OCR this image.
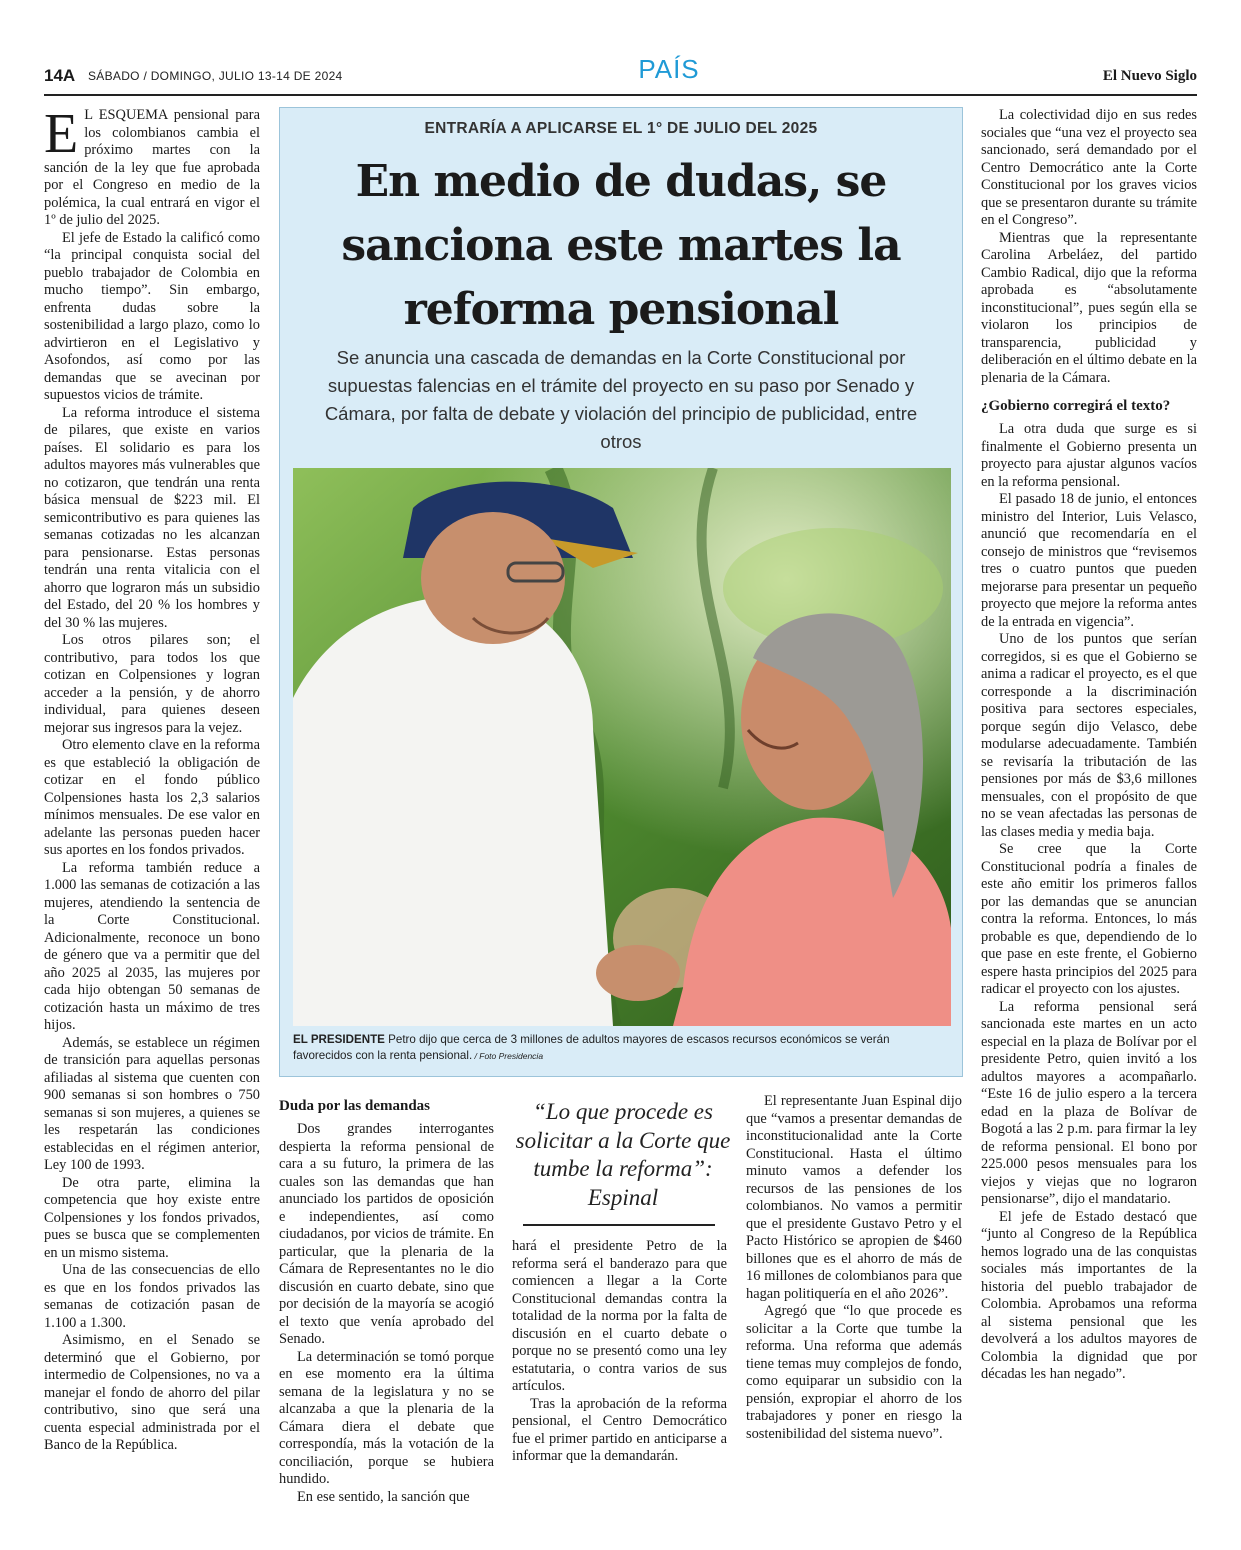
14A SÁBADO / DOMINGO, JULIO 13-14 DE 2024	PAÍS	El Nuevo Siglo

E L ESQUEMA pensional para los colombianos cambia el próximo martes con la sanción de la ley que fue aprobada por el Congreso en medio de la polémica, la cual entrará en vigor el 1º de julio del 2025.

El jefe de Estado la calificó como “la principal conquista social del pueblo trabajador de Colombia en mucho tiempo”. Sin embargo, enfrenta dudas sobre la sostenibilidad a largo plazo, como lo advirtieron en el Legislativo y Asofondos, así como por las demandas que se avecinan por supuestos vicios de trámite.

La reforma introduce el sistema de pilares, que existe en varios países. El solidario es para los adultos mayores más vulnerables que no cotizaron, que tendrán una renta básica mensual de $223 mil. El semicontributivo es para quienes las semanas cotizadas no les alcanzan para pensionarse. Estas personas tendrán una renta vitalicia con el ahorro que lograron más un subsidio del Estado, del 20 % los hombres y del 30 % las mujeres.

Los otros pilares son; el contributivo, para todos los que cotizan en Colpensiones y logran acceder a la pensión, y de ahorro individual, para quienes deseen mejorar sus ingresos para la vejez.

Otro elemento clave en la reforma es que estableció la obligación de cotizar en el fondo público Colpensiones hasta los 2,3 salarios mínimos mensuales. De ese valor en adelante las personas pueden hacer sus aportes en los fondos privados.

La reforma también reduce a 1.000 las semanas de cotización a las mujeres, atendiendo la sentencia de la Corte Constitucional. Adicionalmente, reconoce un bono de género que va a permitir que del año 2025 al 2035, las mujeres por cada hijo obtengan 50 semanas de cotización hasta un máximo de tres hijos.

Además, se establece un régimen de transición para aquellas personas afiliadas al sistema que cuenten con 900 semanas si son hombres o 750 semanas si son mujeres, a quienes se les respetarán las condiciones establecidas en el régimen anterior, Ley 100 de 1993.

De otra parte, elimina la competencia que hoy existe entre Colpensiones y los fondos privados, pues se busca que se complementen en un mismo sistema.

Una de las consecuencias de ello es que en los fondos privados las semanas de cotización pasan de 1.100 a 1.300.

Asimismo, en el Senado se determinó que el Gobierno, por intermedio de Colpensiones, no va a manejar el fondo de ahorro del pilar contributivo, sino que será una cuenta especial administrada por el Banco de la República.

ENTRARÍA A APLICARSE EL 1° DE JULIO DEL 2025
En medio de dudas, se sanciona este martes la reforma pensional
Se anuncia una cascada de demandas en la Corte Constitucional por supuestas falencias en el trámite del proyecto en su paso por Senado y Cámara, por falta de debate y violación del principio de publicidad, entre otros
EL PRESIDENTE Petro dijo que cerca de 3 millones de adultos mayores de escasos recursos económicos se verán favorecidos con la renta pensional. / Foto Presidencia
Duda por las demandas

Dos grandes interrogantes despierta la reforma pensional de cara a su futuro, la primera de las cuales son las demandas que han anunciado los partidos de oposición e independientes, así como ciudadanos, por vicios de trámite. En particular, que la plenaria de la Cámara de Representantes no le dio discusión en cuarto debate, sino que por decisión de la mayoría se acogió el texto que venía aprobado del Senado.

La determinación se tomó porque en ese momento era la última semana de la legislatura y no se alcanzaba a que la plenaria de la Cámara diera el debate que correspondía, más la votación de la conciliación, porque se hubiera hundido.

En ese sentido, la sanción que

“Lo que procede es solicitar a la Corte que tumbe la reforma”: Espinal

hará el presidente Petro de la reforma será el banderazo para que comiencen a llegar a la Corte Constitucional demandas contra la totalidad de la norma por la falta de discusión en el cuarto debate o porque no se presentó como una ley estatutaria, o contra varios de sus artículos.

Tras la aprobación de la reforma pensional, el Centro Democrático fue el primer partido en anticiparse a informar que la demandarán.

El representante Juan Espinal dijo que “vamos a presentar demandas de inconstitucionalidad ante la Corte Constitucional. Hasta el último minuto vamos a defender los recursos de las pensiones de los colombianos. No vamos a permitir que el presidente Gustavo Petro y el Pacto Histórico se apropien de $460 billones que es el ahorro de más de 16 millones de colombianos para que hagan politiquería en el año 2026”.

Agregó que “lo que procede es solicitar a la Corte que tumbe la reforma. Una reforma que además tiene temas muy complejos de fondo, como equiparar un subsidio con la pensión, expropiar el ahorro de los trabajadores y poner en riesgo la sostenibilidad del sistema nuevo”.

La colectividad dijo en sus redes sociales que “una vez el proyecto sea sancionado, será demandado por el Centro Democrático ante la Corte Constitucional por los graves vicios que se presentaron durante su trámite en el Congreso”.

Mientras que la representante Carolina Arbeláez, del partido Cambio Radical, dijo que la reforma aprobada es “absolutamente inconstitucional”, pues según ella se violaron los principios de transparencia, publicidad y deliberación en el último debate en la plenaria de la Cámara.

¿Gobierno corregirá el texto?

La otra duda que surge es si finalmente el Gobierno presenta un proyecto para ajustar algunos vacíos en la reforma pensional.

El pasado 18 de junio, el entonces ministro del Interior, Luis Velasco, anunció que recomendaría en el consejo de ministros que “revisemos tres o cuatro puntos que pueden mejorarse para presentar un pequeño proyecto que mejore la reforma antes de la entrada en vigencia”.

Uno de los puntos que serían corregidos, si es que el Gobierno se anima a radicar el proyecto, es el que corresponde a la discriminación positiva para sectores especiales, porque según dijo Velasco, debe modularse adecuadamente. También se revisaría la tributación de las pensiones por más de $3,6 millones mensuales, con el propósito de que no se vean afectadas las personas de las clases media y media baja.

Se cree que la Corte Constitucional podría a finales de este año emitir los primeros fallos por las demandas que se anuncian contra la reforma. Entonces, lo más probable es que, dependiendo de lo que pase en este frente, el Gobierno espere hasta principios del 2025 para radicar el proyecto con los ajustes.

La reforma pensional será sancionada este martes en un acto especial en la plaza de Bolívar por el presidente Petro, quien invitó a los adultos mayores a acompañarlo. “Este 16 de julio espero a la tercera edad en la plaza de Bolívar de Bogotá a las 2 p.m. para firmar la ley de reforma pensional. El bono por 225.000 pesos mensuales para los viejos y viejas que no lograron pensionarse”, dijo el mandatario.

El jefe de Estado destacó que “junto al Congreso de la República hemos logrado una de las conquistas sociales más importantes de la historia del pueblo trabajador de Colombia. Aprobamos una reforma al sistema pensional que les devolverá a los adultos mayores de Colombia la dignidad que por décadas les han negado”.
